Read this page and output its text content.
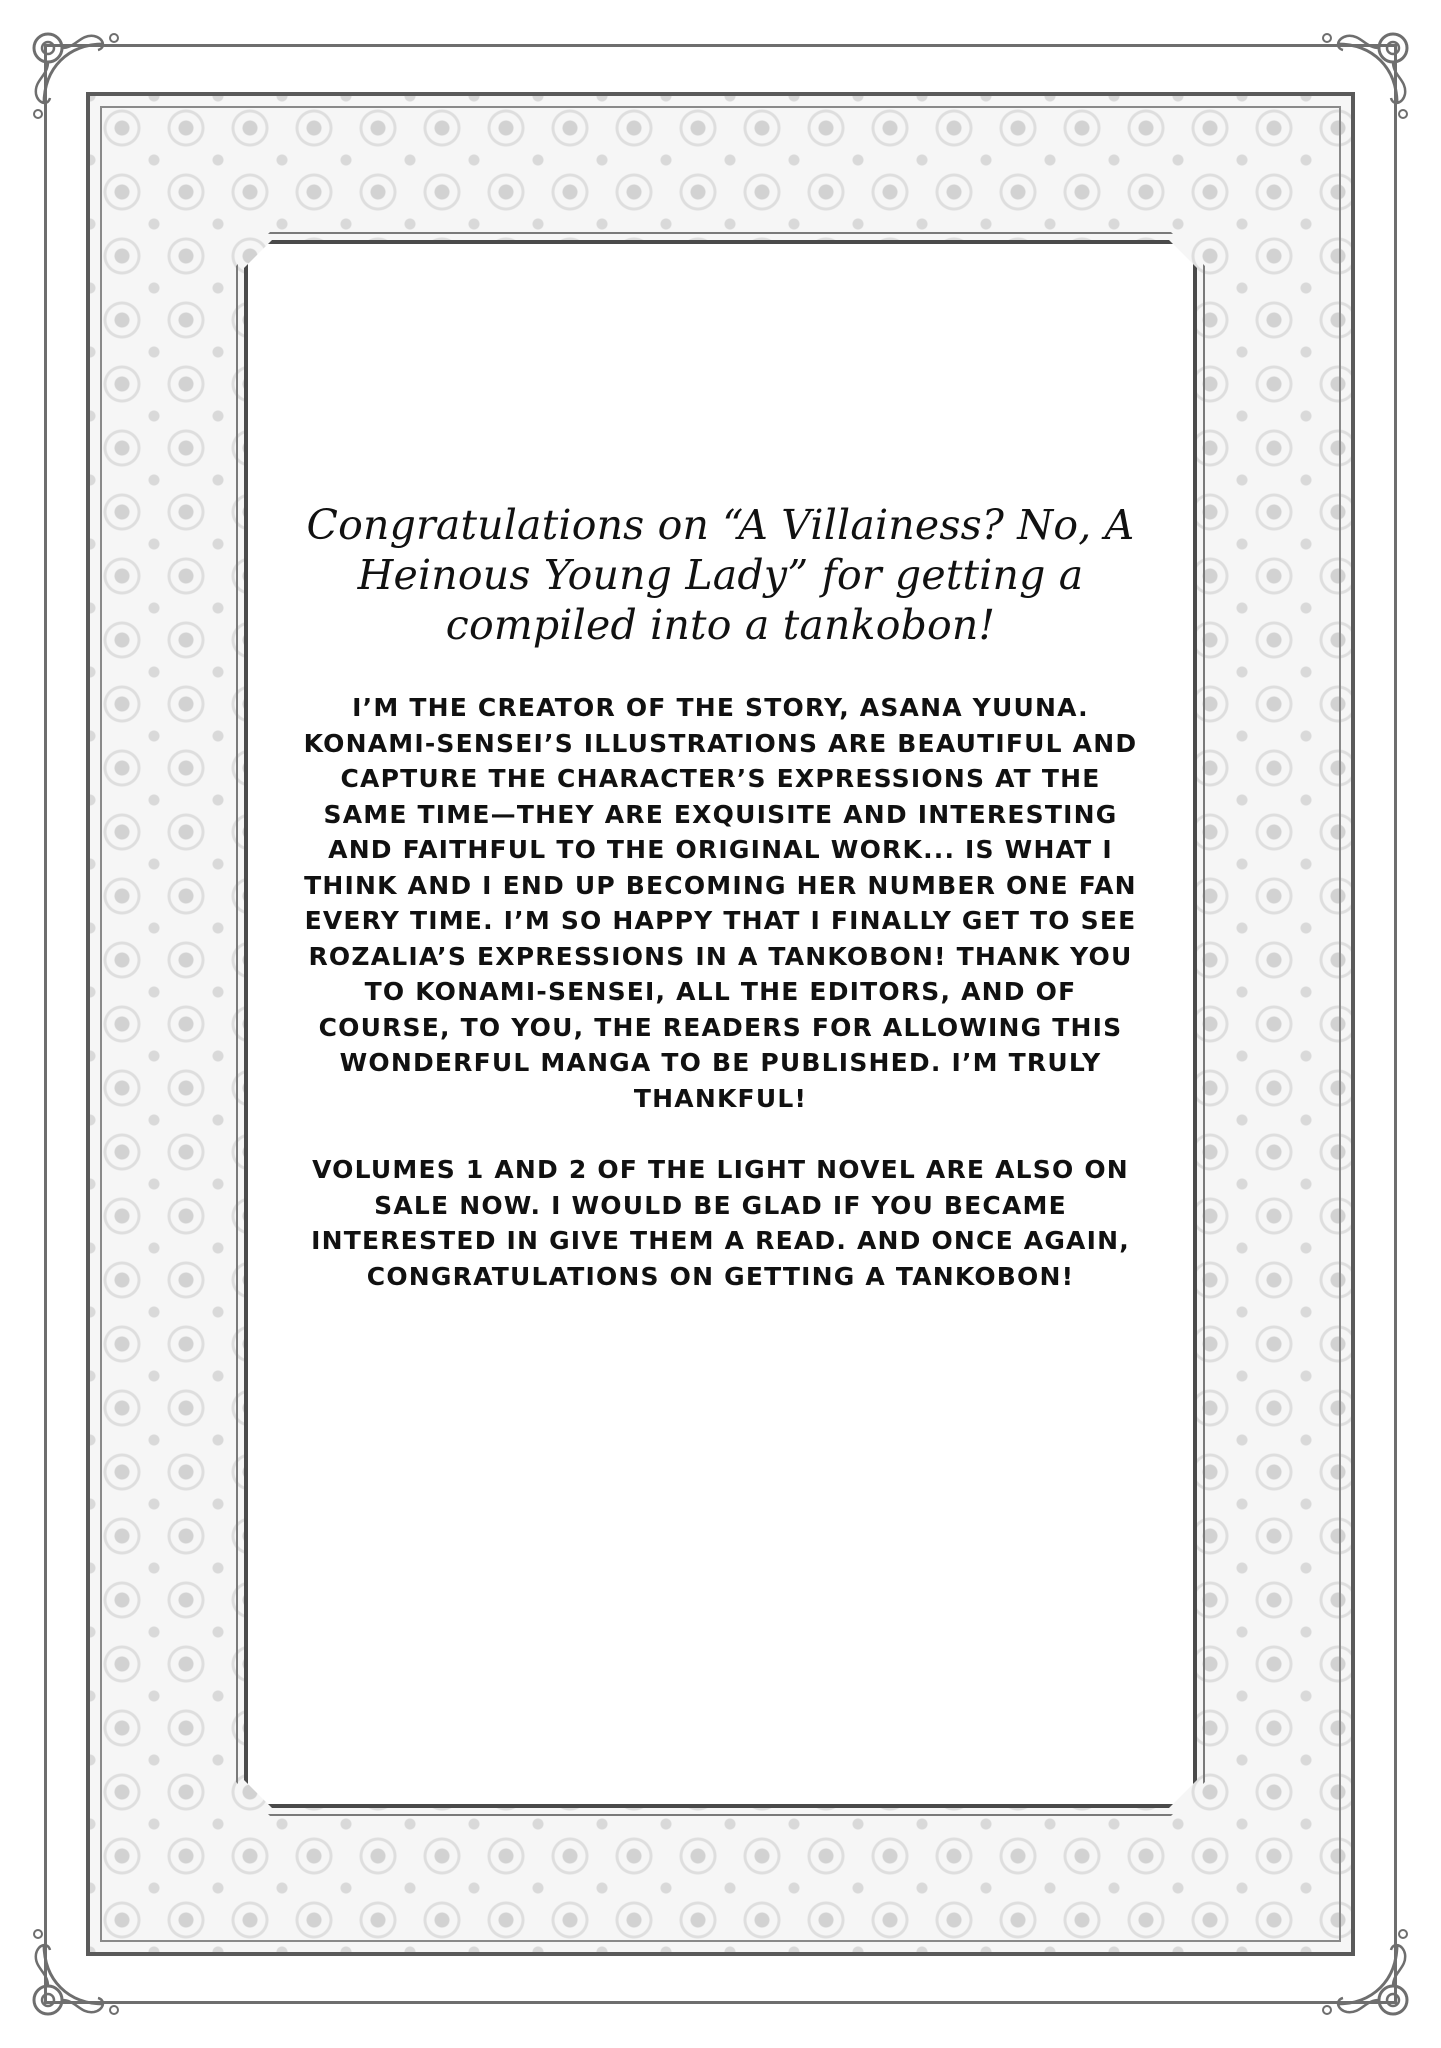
Congratulations on “A Villainess? No, A Heinous Young Lady” for getting a compiled into a tankobon!

I’M THE CREATOR OF THE STORY, ASANA YUUNA. KONAMI-SENSEI’S ILLUSTRATIONS ARE BEAUTIFUL AND CAPTURE THE CHARACTER’S EXPRESSIONS AT THE SAME TIME—THEY ARE EXQUISITE AND INTERESTING AND FAITHFUL TO THE ORIGINAL WORK... IS WHAT I THINK AND I END UP BECOMING HER NUMBER ONE FAN EVERY TIME. I’M SO HAPPY THAT I FINALLY GET TO SEE ROZALIA’S EXPRESSIONS IN A TANKOBON! THANK YOU TO KONAMI-SENSEI, ALL THE EDITORS, AND OF COURSE, TO YOU, THE READERS FOR ALLOWING THIS WONDERFUL MANGA TO BE PUBLISHED. I’M TRULY THANKFUL!

VOLUMES 1 AND 2 OF THE LIGHT NOVEL ARE ALSO ON SALE NOW. I WOULD BE GLAD IF YOU BECAME INTERESTED IN GIVE THEM A READ. AND ONCE AGAIN, CONGRATULATIONS ON GETTING A TANKOBON!
